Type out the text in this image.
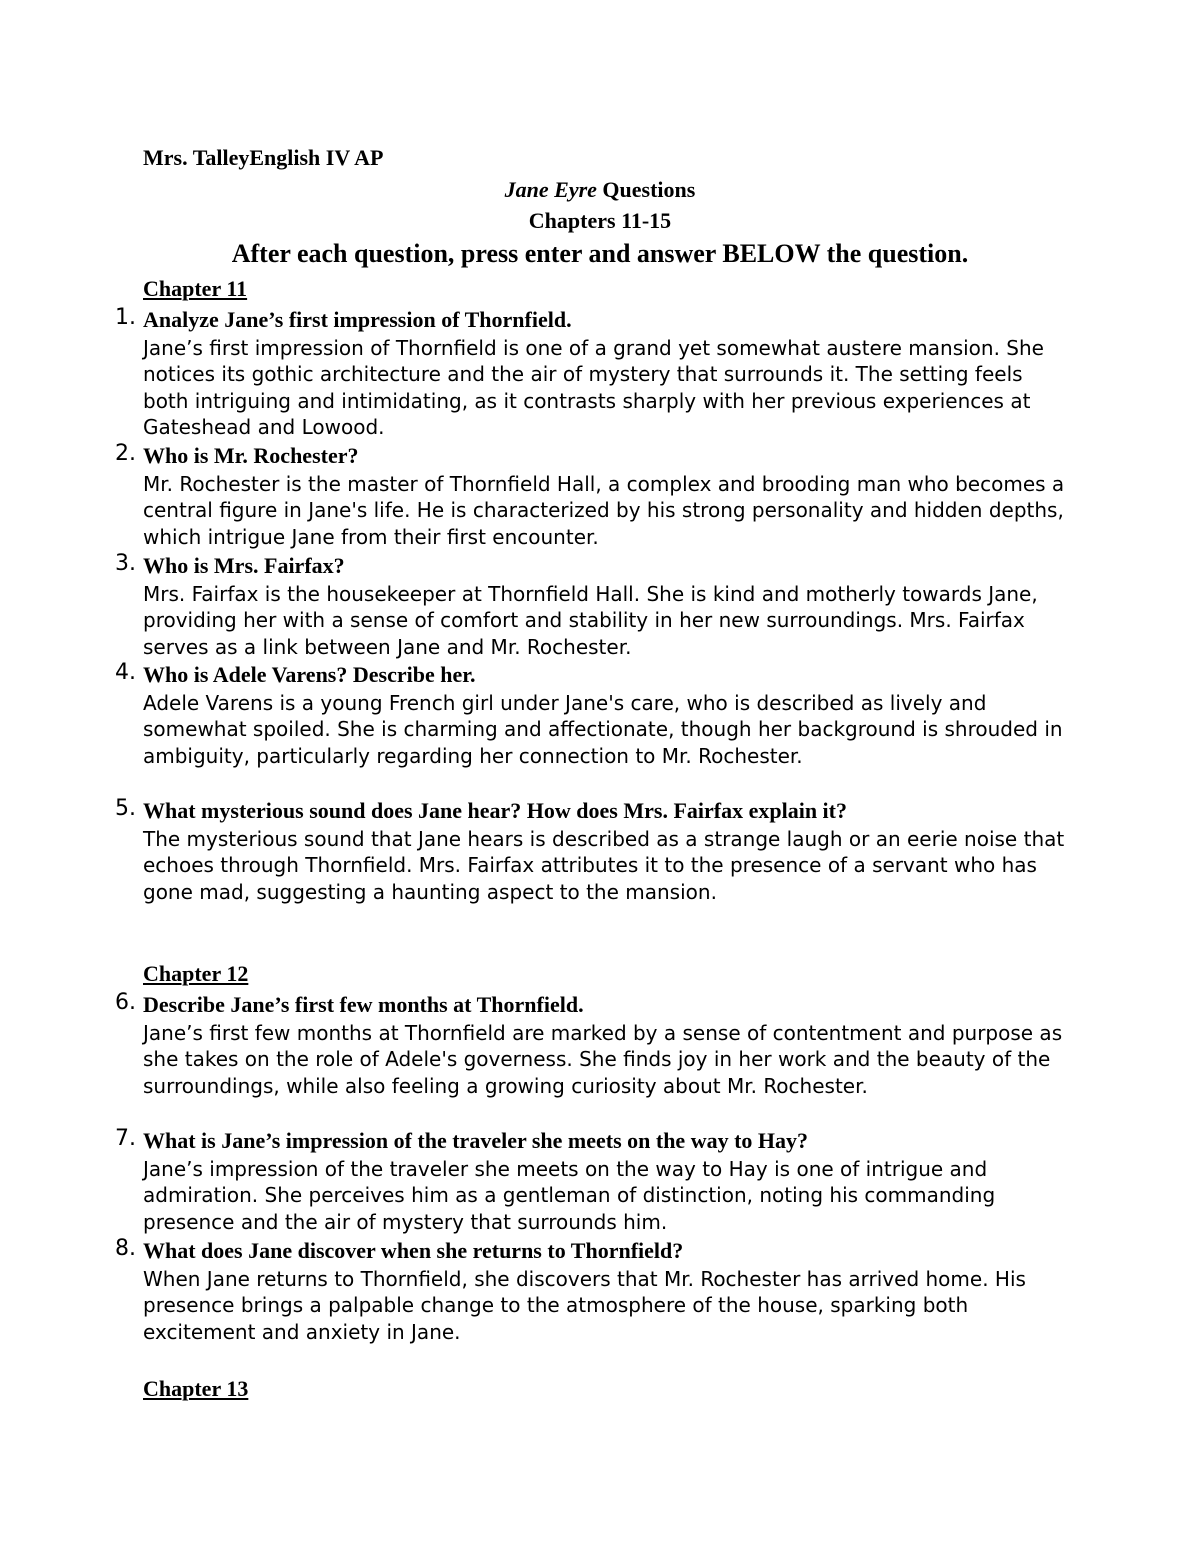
Mrs. TalleyEnglish IV AP
Jane Eyre Questions
Chapters 11-15
After each question, press enter and answer BELOW the question.
Chapter 11
1. Analyze Jane’s first impression of Thornfield.
Jane’s first impression of Thornfield is one of a grand yet somewhat austere mansion. She notices its gothic architecture and the air of mystery that surrounds it. The setting feels both intriguing and intimidating, as it contrasts sharply with her previous experiences at Gateshead and Lowood.
2. Who is Mr. Rochester?
Mr. Rochester is the master of Thornfield Hall, a complex and brooding man who becomes a central figure in Jane's life. He is characterized by his strong personality and hidden depths, which intrigue Jane from their first encounter.
3. Who is Mrs. Fairfax?
Mrs. Fairfax is the housekeeper at Thornfield Hall. She is kind and motherly towards Jane, providing her with a sense of comfort and stability in her new surroundings. Mrs. Fairfax serves as a link between Jane and Mr. Rochester.
4. Who is Adele Varens? Describe her.
Adele Varens is a young French girl under Jane's care, who is described as lively and somewhat spoiled. She is charming and affectionate, though her background is shrouded in ambiguity, particularly regarding her connection to Mr. Rochester.
5. What mysterious sound does Jane hear? How does Mrs. Fairfax explain it?
The mysterious sound that Jane hears is described as a strange laugh or an eerie noise that echoes through Thornfield. Mrs. Fairfax attributes it to the presence of a servant who has gone mad, suggesting a haunting aspect to the mansion.
Chapter 12
6. Describe Jane’s first few months at Thornfield.
Jane’s first few months at Thornfield are marked by a sense of contentment and purpose as she takes on the role of Adele's governess. She finds joy in her work and the beauty of the surroundings, while also feeling a growing curiosity about Mr. Rochester.
7. What is Jane’s impression of the traveler she meets on the way to Hay?
Jane’s impression of the traveler she meets on the way to Hay is one of intrigue and admiration. She perceives him as a gentleman of distinction, noting his commanding presence and the air of mystery that surrounds him.
8. What does Jane discover when she returns to Thornfield?
When Jane returns to Thornfield, she discovers that Mr. Rochester has arrived home. His presence brings a palpable change to the atmosphere of the house, sparking both excitement and anxiety in Jane.
Chapter 13
